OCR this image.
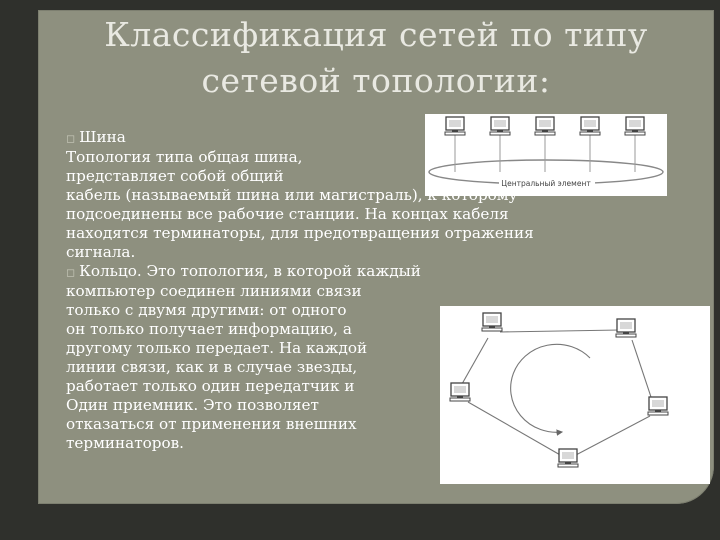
Классификация сетей по типу
сетевой топологии:
Центральный элемент
◻ Шина
Топология типа общая шина,
представляет собой общий
кабель (называемый шина или магистраль), к которому
подсоединены все рабочие станции. На концах кабеля
находятся терминаторы, для предотвращения отражения
сигнала.
◻ Кольцо. Это топология, в которой каждый
компьютер соединен линиями связи
только с двумя другими: от одного
он только получает информацию, а
другому только передает. На каждой
линии связи, как и в случае звезды,
работает только один передатчик и
Один приемник. Это позволяет
отказаться от применения внешних
терминаторов.
